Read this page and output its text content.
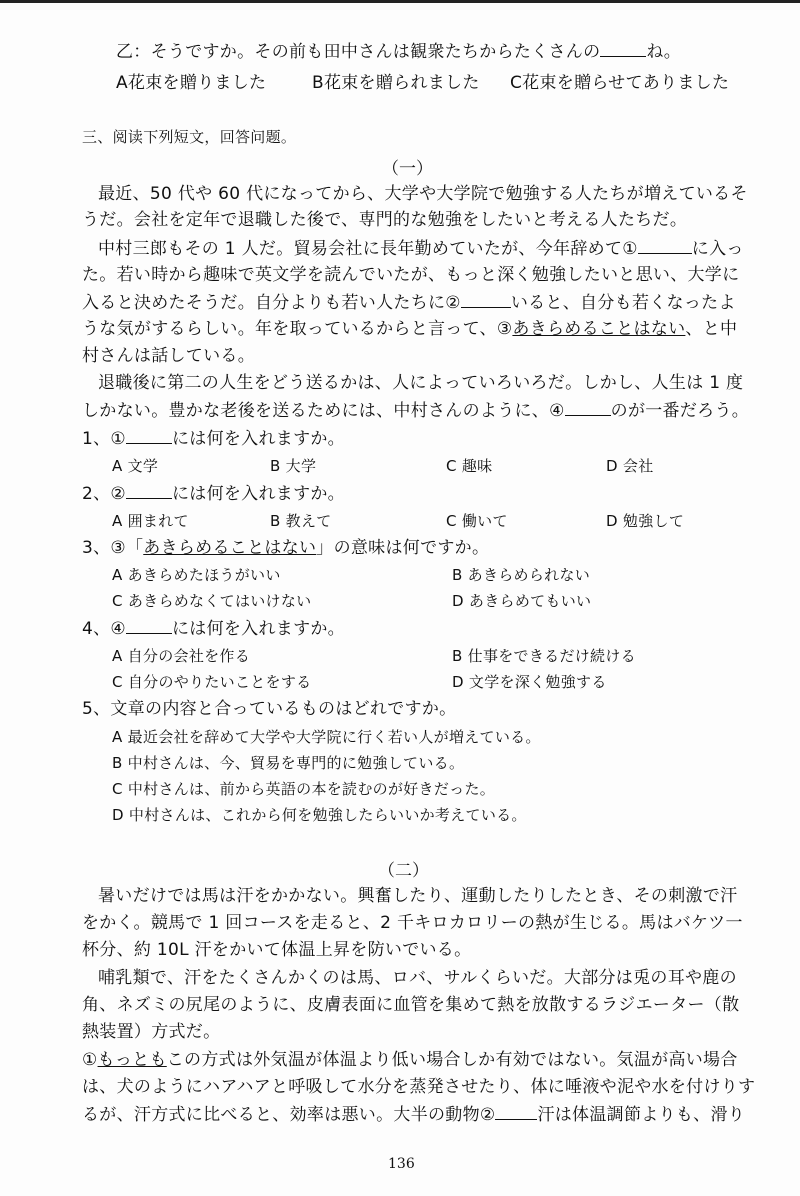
乙：そうですか。その前も田中さんは観衆たちからたくさんの	ね。
A花束を贈りました	B花束を贈られました C花束を贈らせてありました
三、阅读下列短文，回答问题。
（一）
最近、50 代や 60 代になってから、大学や大学院で勉強する人たちが増えているそ
うだ。会社を定年で退職した後で、専門的な勉強をしたいと考える人たちだ。
中村三郎もその 1 人だ。貿易会社に長年勤めていたが、今年辞めて①	に入っ
た。若い時から趣味で英文学を読んでいたが、もっと深く勉強したいと思い、大学に
入ると決めたそうだ。自分よりも若い人たちに②	いると、自分も若くなったよ
うな気がするらしい。年を取っているからと言って、③あきらめることはない、と中
村さんは話している。
退職後に第二の人生をどう送るかは、人によっていろいろだ。しかし、人生は 1 度
しかない。豊かな老後を送るためには、中村さんのように、④	のが一番だろう。
1、①	には何を入れますか。
A 文学	B 大学	C 趣味	D 会社
2、②	には何を入れますか。
A 囲まれて	B 教えて	C 働いて	D 勉強して
3、③「あきらめることはない」の意味は何ですか。
A あきらめたほうがいい	B あきらめられない
C あきらめなくてはいけない	D あきらめてもいい
4、④	には何を入れますか。
A 自分の会社を作る	B 仕事をできるだけ続ける
C 自分のやりたいことをする	D 文学を深く勉強する
5、文章の内容と合っているものはどれですか。
A 最近会社を辞めて大学や大学院に行く若い人が増えている。
B 中村さんは、今、貿易を専門的に勉強している。
C 中村さんは、前から英語の本を読むのが好きだった。
D 中村さんは、これから何を勉強したらいいか考えている。
（二）
暑いだけでは馬は汗をかかない。興奮したり、運動したりしたとき、その刺激で汗
をかく。競馬で 1 回コースを走ると、2 千キロカロリーの熱が生じる。馬はバケツ一
杯分、約 10L 汗をかいて体温上昇を防いでいる。
哺乳類で、汗をたくさんかくのは馬、ロバ、サルくらいだ。大部分は兎の耳や鹿の
角、ネズミの尻尾のように、皮膚表面に血管を集めて熱を放散するラジエーター（散
熱装置）方式だ。
①もっともこの方式は外気温が体温より低い場合しか有効ではない。気温が高い場合
は、犬のようにハアハアと呼吸して水分を蒸発させたり、体に唾液や泥や水を付けりす
るが、汗方式に比べると、効率は悪い。大半の動物② 汗は体温調節よりも、滑り
136
